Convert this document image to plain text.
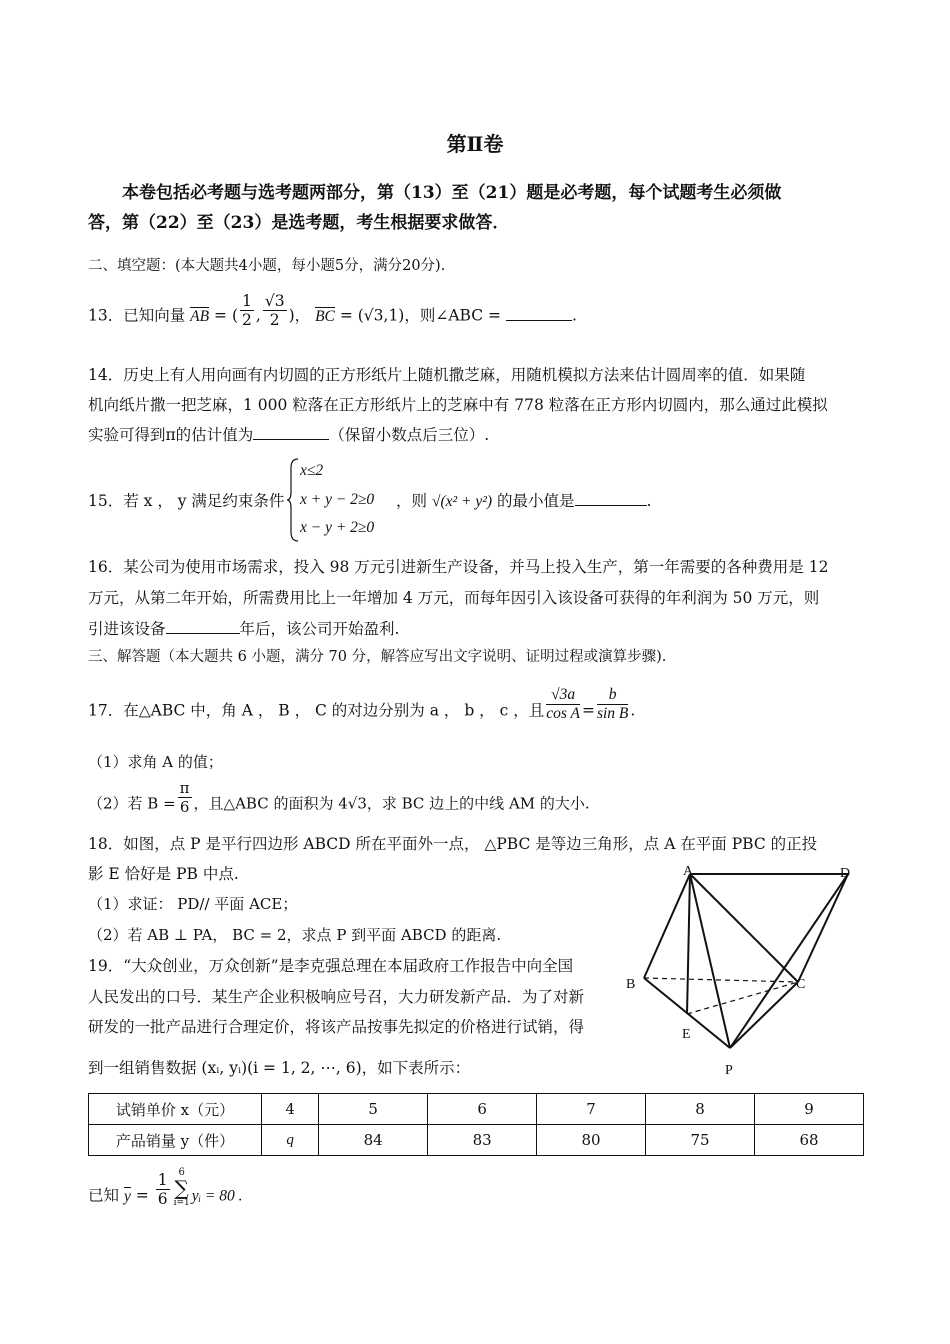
第Ⅱ卷
本卷包括必考题与选考题两部分，第（13）至（21）题是必考题，每个试题考生必须做
答，第（22）至（23）是选考题，考生根据要求做答．
二、填空题：(本大题共4小题，每小题5分，满分20分).
13．已知向量 AB = ( $\frac{1}{2}$ , $\frac{√3}{2}$ )， BC = (√3,1)，则∠ABC =	.
14．历史上有人用向画有内切圆的正方形纸片上随机撒芝麻，用随机模拟方法来估计圆周率的值．如果随
机向纸片撒一把芝麻，1 000 粒落在正方形纸片上的芝麻中有 778 粒落在正方形内切圆内，那么通过此模拟
实验可得到π的估计值为	（保留小数点后三位）.
15．若 x ， y 满足约束条件
x≤2
x + y − 2≥0
x − y + 2≥0
，则 √(x² + y²) 的最小值是	.
16．某公司为使用市场需求，投入 98 万元引进新生产设备，并马上投入生产，第一年需要的各种费用是 12
万元，从第二年开始，所需费用比上一年增加 4 万元，而每年因引入该设备可获得的年利润为 50 万元，则
引进该设备	年后，该公司开始盈利.
三、解答题（本大题共 6 小题，满分 70 分，解答应写出文字说明、证明过程或演算步骤).
17．在△ABC 中，角 A ， B ， C 的对边分别为 a ， b ， c ，且 $\frac{√3a}{\text{cos A}} = \frac{b}{\text{sin B}}$ .
（1）求角 A 的值；
（2）若 $B = \frac{\pi}{6}$ ，且△ABC 的面积为 4√3，求 BC 边上的中线 AM 的大小.
18．如图，点 P 是平行四边形 ABCD 所在平面外一点， △PBC 是等边三角形，点 A 在平面 PBC 的正投
影 E 恰好是 PB 中点.
（1）求证： PD// 平面 ACE；
（2）若 AB ⊥ PA， BC = 2，求点 P 到平面 ABCD 的距离.
19．“大众创业，万众创新”是李克强总理在本届政府工作报告中向全国
人民发出的口号．某生产企业积极响应号召，大力研发新产品．为了对新
研发的一批产品进行合理定价，将该产品按事先拟定的价格进行试销，得
到一组销售数据 (xᵢ, yᵢ)(i = 1, 2, ⋯, 6)，如下表所示：
试销单价 x（元）	4	5	6	7	8	9
产品销量 y（件）	q	84	83	80	75	68
已知 $y = \frac{1}{6} 6$
∑
i=1 yᵢ = 80 .
A	D
B	C
E
P
